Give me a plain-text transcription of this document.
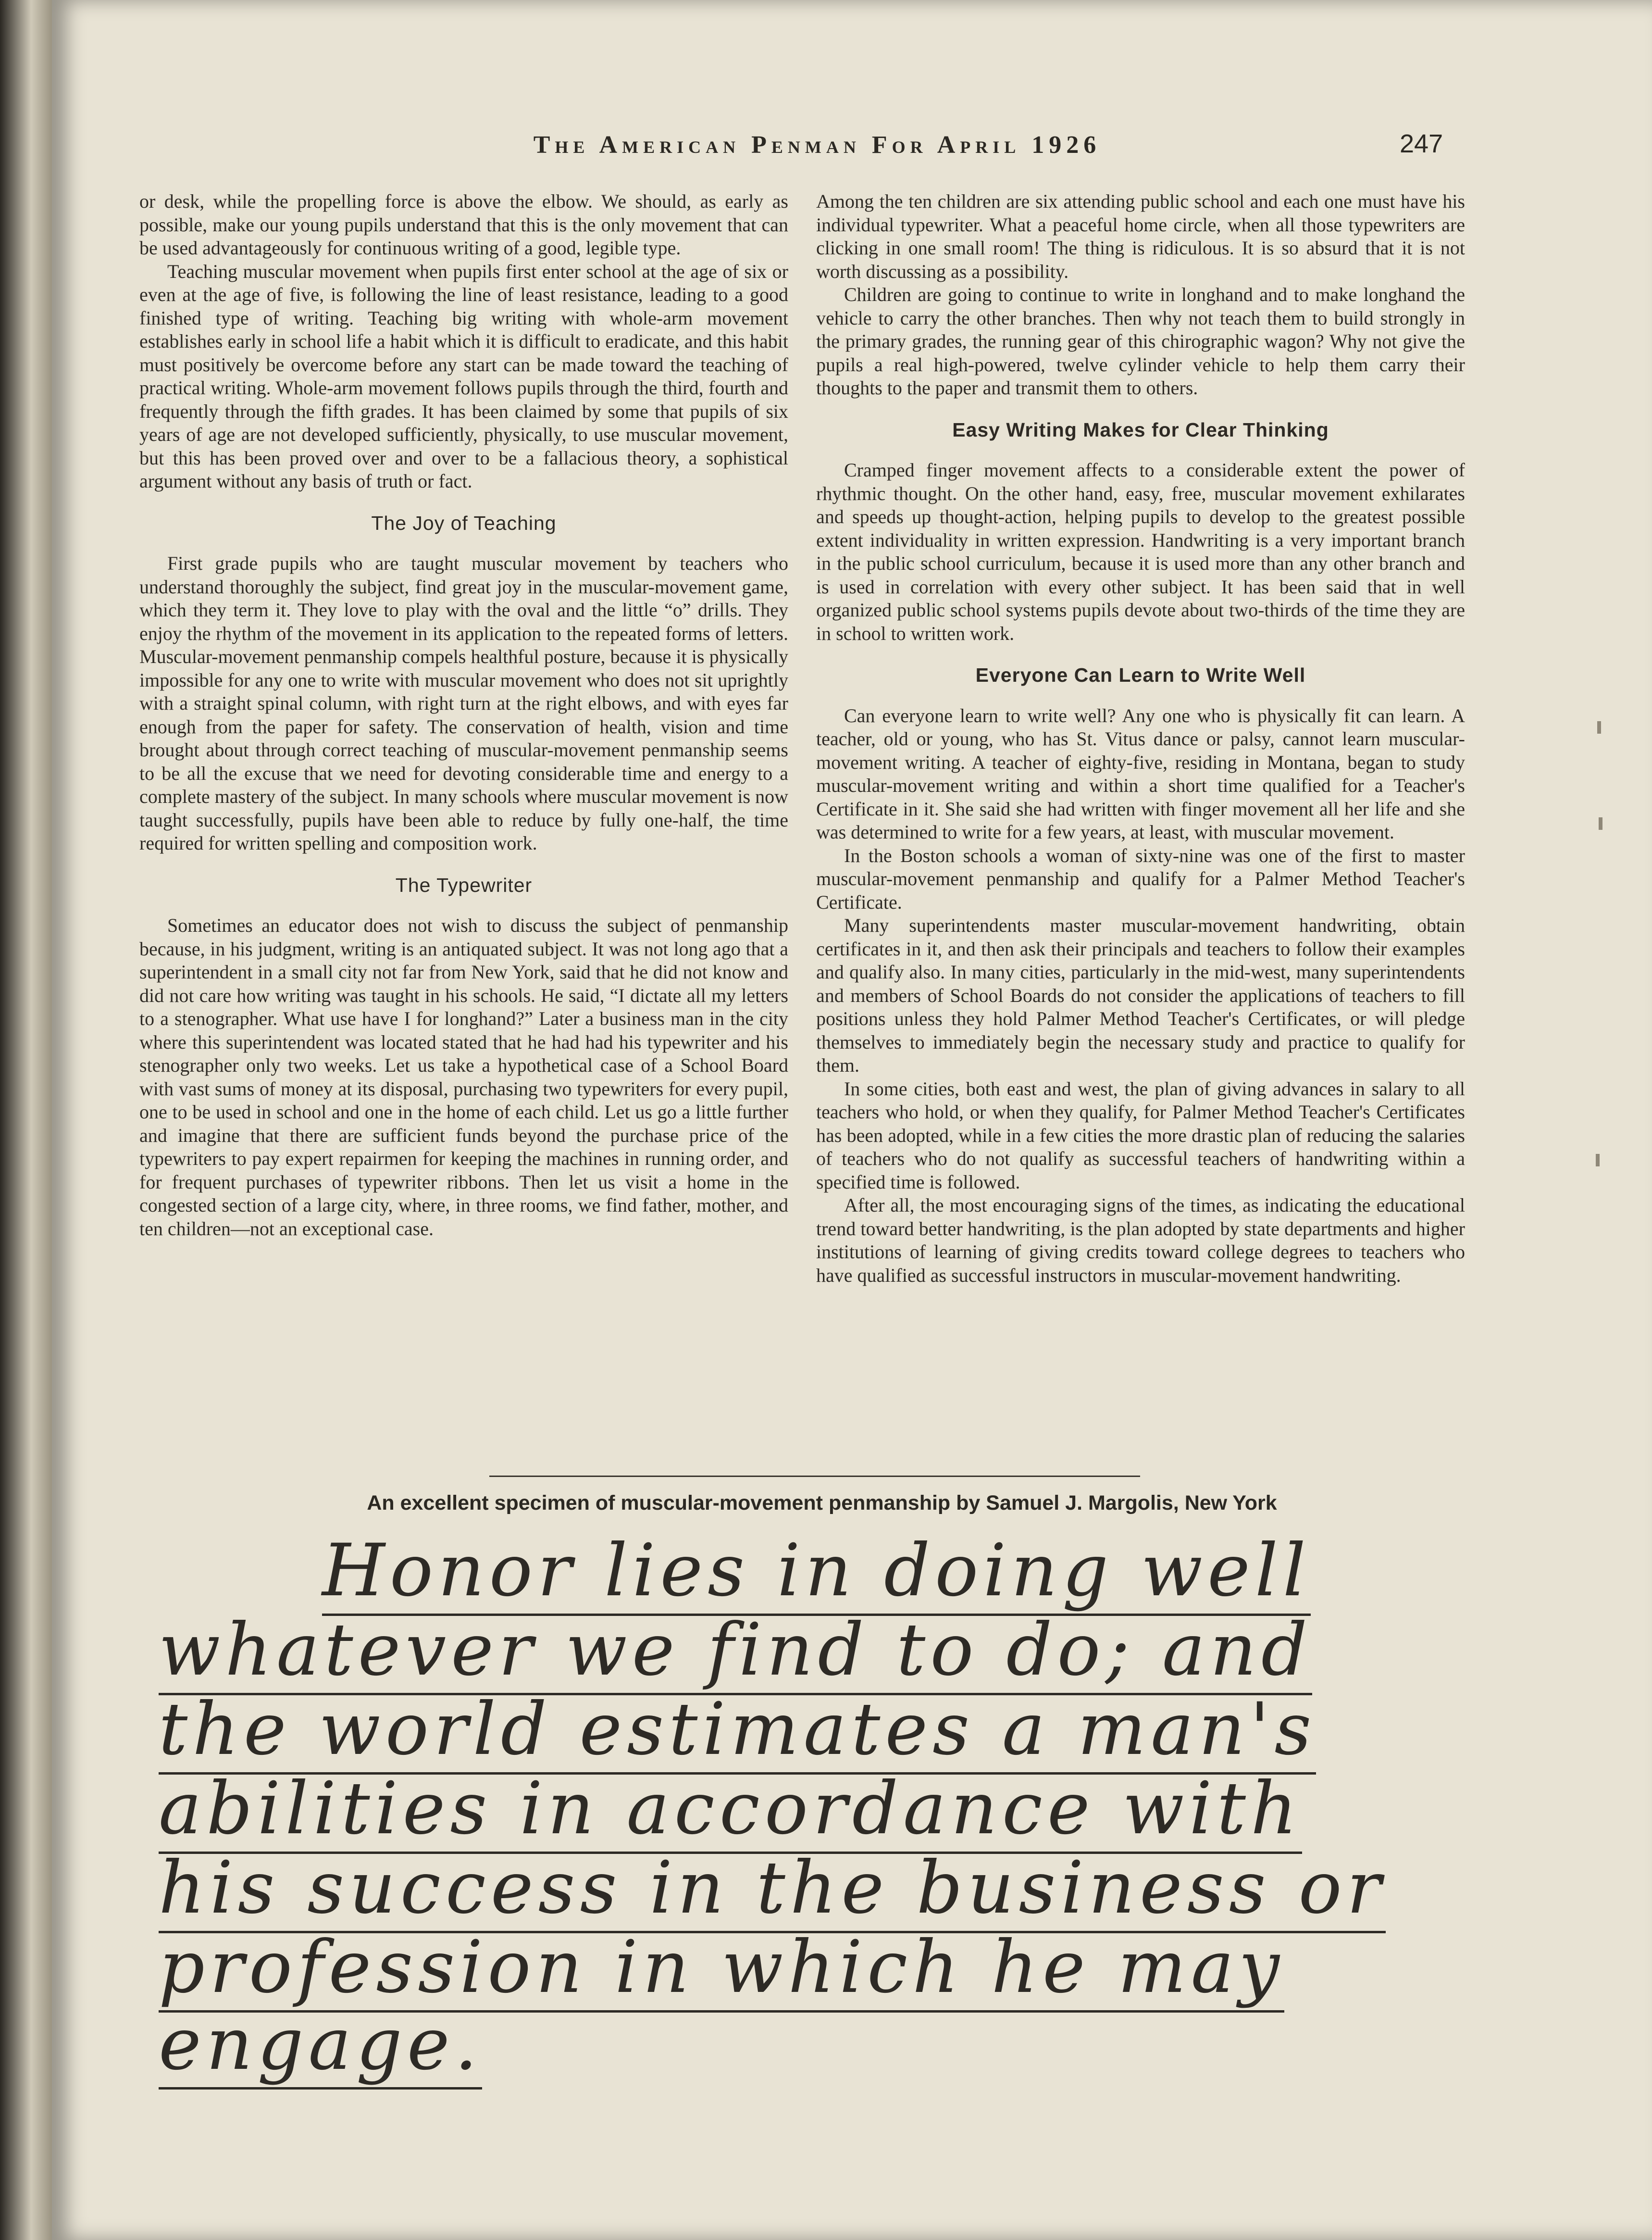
The American Penman For April 1926	247

or desk, while the propelling force is above the elbow. We should, as early as possible, make our young pupils understand that this is the only movement that can be used advantageously for continuous writing of a good, legible type.

Teaching muscular movement when pupils first enter school at the age of six or even at the age of five, is following the line of least resistance, leading to a good finished type of writing. Teaching big writing with whole-arm movement establishes early in school life a habit which it is difficult to eradicate, and this habit must positively be overcome before any start can be made toward the teaching of practical writing. Whole-arm movement follows pupils through the third, fourth and frequently through the fifth grades. It has been claimed by some that pupils of six years of age are not developed sufficiently, physically, to use muscular movement, but this has been proved over and over to be a fallacious theory, a sophistical argument without any basis of truth or fact.

The Joy of Teaching

First grade pupils who are taught muscular movement by teachers who understand thoroughly the subject, find great joy in the muscular-movement game, which they term it. They love to play with the oval and the little “o” drills. They enjoy the rhythm of the movement in its application to the repeated forms of letters. Muscular-movement penmanship compels healthful posture, because it is physically impossible for any one to write with muscular movement who does not sit uprightly with a straight spinal column, with right turn at the right elbows, and with eyes far enough from the paper for safety. The conservation of health, vision and time brought about through correct teaching of muscular-movement penmanship seems to be all the excuse that we need for devoting considerable time and energy to a complete mastery of the subject. In many schools where muscular movement is now taught successfully, pupils have been able to reduce by fully one-half, the time required for written spelling and composition work.

The Typewriter

Sometimes an educator does not wish to discuss the subject of penmanship because, in his judgment, writing is an antiquated subject. It was not long ago that a superintendent in a small city not far from New York, said that he did not know and did not care how writing was taught in his schools. He said, “I dictate all my letters to a stenographer. What use have I for longhand?” Later a business man in the city where this superintendent was located stated that he had had his typewriter and his stenographer only two weeks. Let us take a hypothetical case of a School Board with vast sums of money at its disposal, purchasing two typewriters for every pupil, one to be used in school and one in the home of each child. Let us go a little further and imagine that there are sufficient funds beyond the purchase price of the typewriters to pay expert repairmen for keeping the machines in running order, and for frequent purchases of typewriter ribbons. Then let us visit a home in the congested section of a large city, where, in three rooms, we find father, mother, and ten children—not an exceptional case.

Among the ten children are six attending public school and each one must have his individual typewriter. What a peaceful home circle, when all those typewriters are clicking in one small room! The thing is ridiculous. It is so absurd that it is not worth discussing as a possibility.

Children are going to continue to write in longhand and to make longhand the vehicle to carry the other branches. Then why not teach them to build strongly in the primary grades, the running gear of this chirographic wagon? Why not give the pupils a real high-powered, twelve cylinder vehicle to help them carry their thoughts to the paper and transmit them to others.

Easy Writing Makes for Clear Thinking

Cramped finger movement affects to a considerable extent the power of rhythmic thought. On the other hand, easy, free, muscular movement exhilarates and speeds up thought-action, helping pupils to develop to the greatest possible extent individuality in written expression. Handwriting is a very important branch in the public school curriculum, because it is used more than any other branch and is used in correlation with every other subject. It has been said that in well organized public school systems pupils devote about two-thirds of the time they are in school to written work.

Everyone Can Learn to Write Well

Can everyone learn to write well? Any one who is physically fit can learn. A teacher, old or young, who has St. Vitus dance or palsy, cannot learn muscular-movement writing. A teacher of eighty-five, residing in Montana, began to study muscular-movement writing and within a short time qualified for a Teacher's Certificate in it. She said she had written with finger movement all her life and she was determined to write for a few years, at least, with muscular movement.

In the Boston schools a woman of sixty-nine was one of the first to master muscular-movement penmanship and qualify for a Palmer Method Teacher's Certificate.

Many superintendents master muscular-movement handwriting, obtain certificates in it, and then ask their principals and teachers to follow their examples and qualify also. In many cities, particularly in the mid-west, many superintendents and members of School Boards do not consider the applications of teachers to fill positions unless they hold Palmer Method Teacher's Certificates, or will pledge themselves to immediately begin the necessary study and practice to qualify for them.

In some cities, both east and west, the plan of giving advances in salary to all teachers who hold, or when they qualify, for Palmer Method Teacher's Certificates has been adopted, while in a few cities the more drastic plan of reducing the salaries of teachers who do not qualify as successful teachers of handwriting within a specified time is followed.

After all, the most encouraging signs of the times, as indicating the educational trend toward better handwriting, is the plan adopted by state departments and higher institutions of learning of giving credits toward college degrees to teachers who have qualified as successful instructors in muscular-movement handwriting.

An excellent specimen of muscular-movement penmanship by Samuel J. Margolis, New York
Honor lies in doing well
whatever we find to do; and
the world estimates a man's
abilities in accordance with
his success in the business or
profession in which he may
engage.
